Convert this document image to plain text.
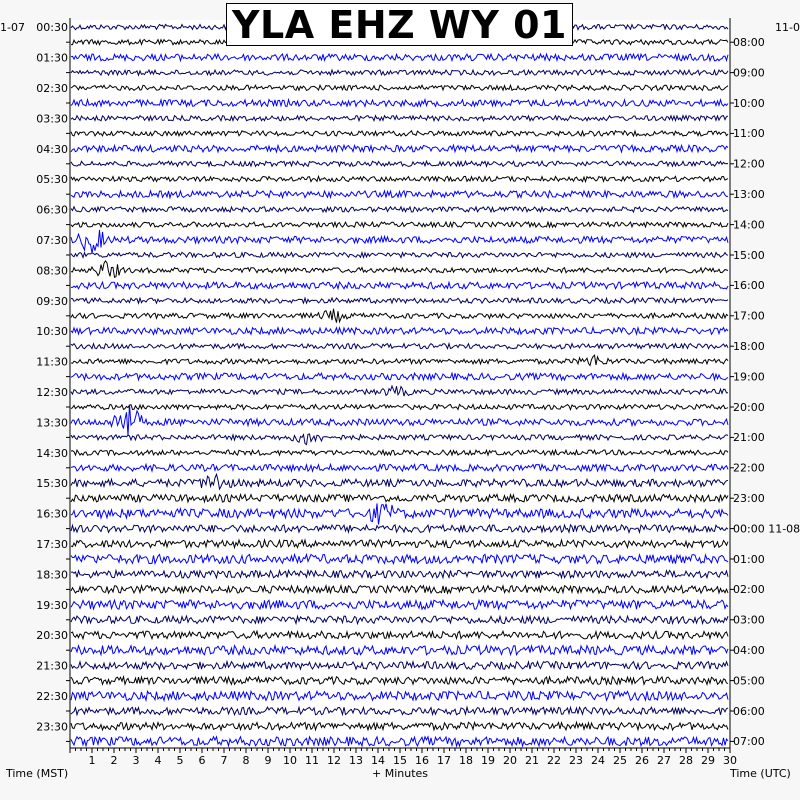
00:30
01:30
02:30
03:30
04:30
05:30
06:30
07:30
08:30
09:30
10:30
11:30
12:30
13:30
14:30
15:30
16:30
17:30
18:30
19:30
20:30
21:30
22:30
23:30
08:00
09:00
10:00
11:00
12:00
13:00
14:00
15:00
16:00
17:00
18:00
19:00
20:00
21:00
22:00
23:00
00:00 11-08
01:00
02:00
03:00
04:00
05:00
06:00
07:00
1 2 3 4 5 6 7 8 9 10 11 12 13 14 15 16 17 18 19 20 21 22 23 24 25 26 27 28 29 30
YLA EHZ WY 01
1-07	11-0
Time (MST)	+ Minutes	Time (UTC)
